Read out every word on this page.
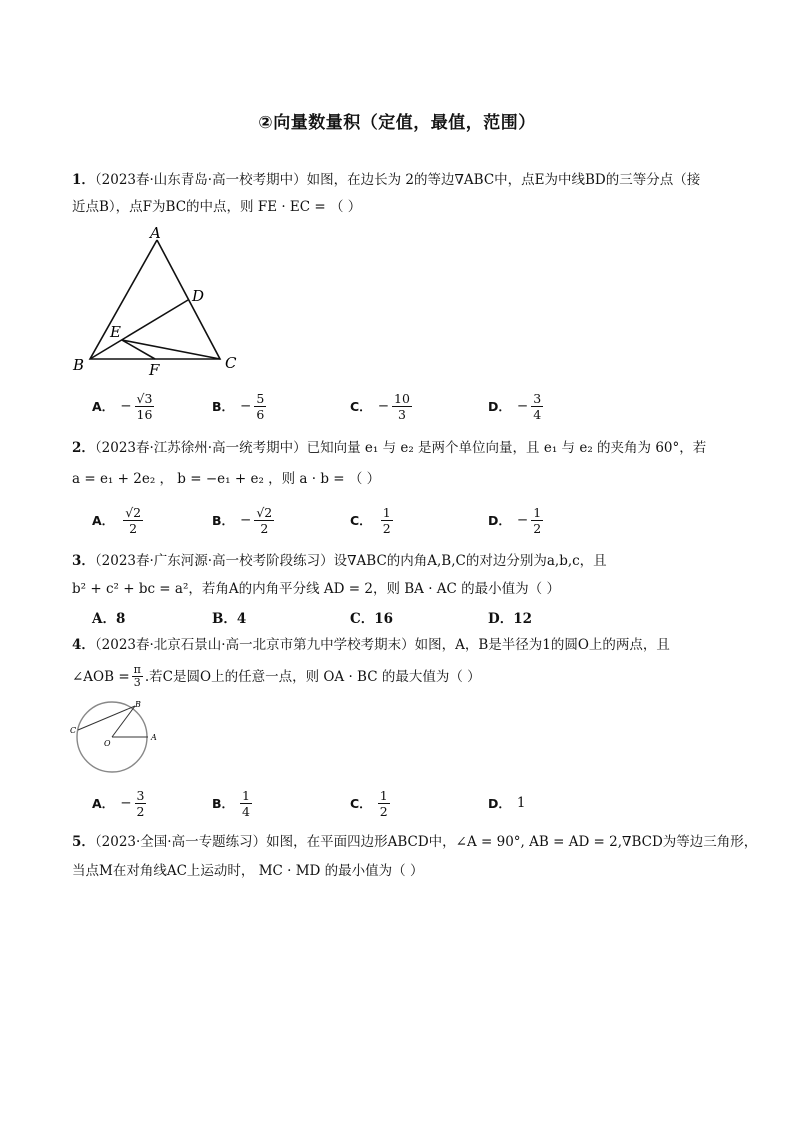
②向量数量积（定值，最值，范围）
1．（2023春·山东青岛·高一校考期中）如图，在边长为 2的等边∇ABC中，点E为中线BD的三等分点（接
近点B），点F为BC的中点，则 FE · EC = （ ）
A
D
E
B	F	C
A． − $\frac{√3}{16}$	B． − $\frac{5}{6}$	C． − $\frac{10}{3}$	D． − $\frac{3}{4}$
2．（2023春·江苏徐州·高一统考期中）已知向量 e₁ 与 e₂ 是两个单位向量，且 e₁ 与 e₂ 的夹角为 60°，若
a = e₁ + 2e₂ ， b = −e₁ + e₂ ，则 a · b = （ ）
A． $\frac{√2}{2}$	B． − $\frac{√2}{2}$	C． $\frac{1}{2}$	D． − $\frac{1}{2}$
3．（2023春·广东河源·高一校考阶段练习）设∇ABC的内角A,B,C的对边分别为a,b,c，且
b² + c² + bc = a²，若角A的内角平分线 AD = 2，则 BA · AC 的最小值为（ ）
A．8	B．4	C．16	D．12
4．（2023春·北京石景山·高一北京市第九中学校考期末）如图，A，B是半径为1的圆O上的两点，且
∠AOB = $\frac{\pi}{3}$ .若C是圆O上的任意一点，则 OA · BC 的最大值为（ ）
B
C
O
A
A． − $\frac{3}{2}$	B． $\frac{1}{4}$	C． $\frac{1}{2}$	D． 1
5．（2023·全国·高一专题练习）如图，在平面四边形ABCD中，∠A = 90°, AB = AD = 2,∇BCD为等边三角形，
当点M在对角线AC上运动时， MC · MD 的最小值为（ ）
